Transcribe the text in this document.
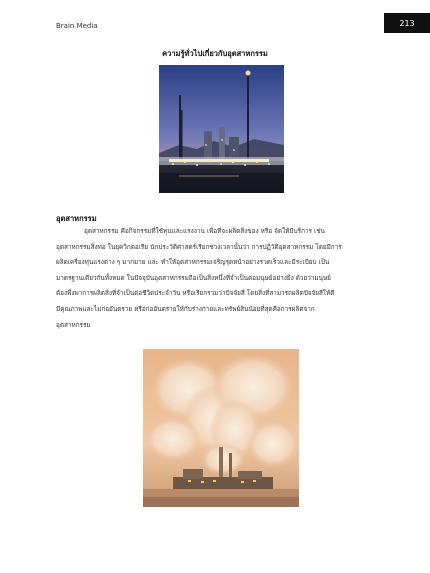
Brain Media	213
ความรู้ทั่วไปเกี่ยวกับอุตสาหกรรม
อุตสาหกรรม
อุตสาหกรรม คือกิจกรรมที่ใช้ทุนและแรงงาน เพื่อที่จะผลิตสิ่งของ หรือ จัดให้มีบริการ เช่น
อุตสาหกรรมสิ่งทอ ในยุควิกตอเรีย นักประวัติศาสตร์เรียกช่วงเวลานั้นว่า การปฏิวัติอุตสาหกรรม โดยมีการ
ผลิตเครื่องทุ่นแรงต่าง ๆ มากมาย และ ทำให้อุตสาหกรรมเจริญรุดหน้าอย่างรวดเร็วและมีระเบียบ เป็น
มาตรฐานเดียวกันทั้งหมด ในปัจจุบันอุตสาหกรรมถือเป็นสิ่งหนึ่งที่จำเป็นต่อมนุษย์อย่างยิ่ง ด้วยว่ามนุษย์
ต้องพึ่งพาการผลิตสิ่งที่จำเป็นต่อชีวิตประจำวัน หรือเรียกรวมว่าปัจจัยสี่ โดยสิ่งที่สามารถผลิตปัจจัยสี่ให้ดี
มีคุณภาพและไม่ก่ออันตราย หรือก่ออันตรายให้กับร่างกายและทรัพย์สินน้อยที่สุดคือการผลิตจาก
อุตสาหกรรม
